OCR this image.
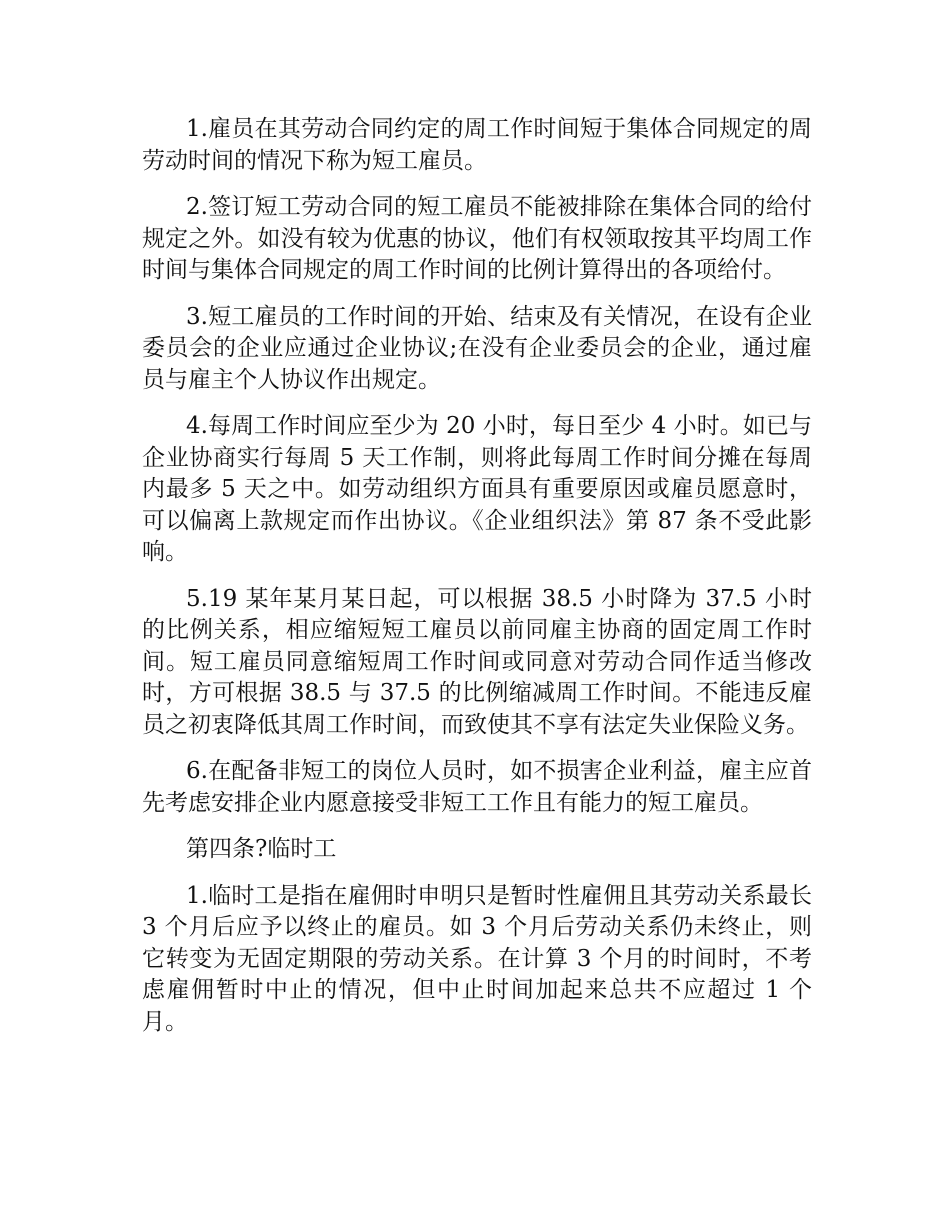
1.雇员在其劳动合同约定的周工作时间短于集体合同规定的周劳动时间的情况下称为短工雇员。

2.签订短工劳动合同的短工雇员不能被排除在集体合同的给付规定之外。如没有较为优惠的协议，他们有权领取按其平均周工作时间与集体合同规定的周工作时间的比例计算得出的各项给付。

3.短工雇员的工作时间的开始、结束及有关情况，在设有企业委员会的企业应通过企业协议;在没有企业委员会的企业，通过雇员与雇主个人协议作出规定。

4.每周工作时间应至少为 20 小时，每日至少 4 小时。如已与企业协商实行每周 5 天工作制，则将此每周工作时间分摊在每周内最多 5 天之中。如劳动组织方面具有重要原因或雇员愿意时，可以偏离上款规定而作出协议。《企业组织法》第 87 条不受此影响。

5.19 某年某月某日起，可以根据 38.5 小时降为 37.5 小时的比例关系，相应缩短短工雇员以前同雇主协商的固定周工作时间。短工雇员同意缩短周工作时间或同意对劳动合同作适当修改时，方可根据 38.5 与 37.5 的比例缩减周工作时间。不能违反雇员之初衷降低其周工作时间，而致使其不享有法定失业保险义务。

6.在配备非短工的岗位人员时，如不损害企业利益，雇主应首先考虑安排企业内愿意接受非短工工作且有能力的短工雇员。

第四条?临时工

1.临时工是指在雇佣时申明只是暂时性雇佣且其劳动关系最长 3 个月后应予以终止的雇员。如 3 个月后劳动关系仍未终止，则它转变为无固定期限的劳动关系。在计算 3 个月的时间时，不考虑雇佣暂时中止的情况，但中止时间加起来总共不应超过 1 个月。
